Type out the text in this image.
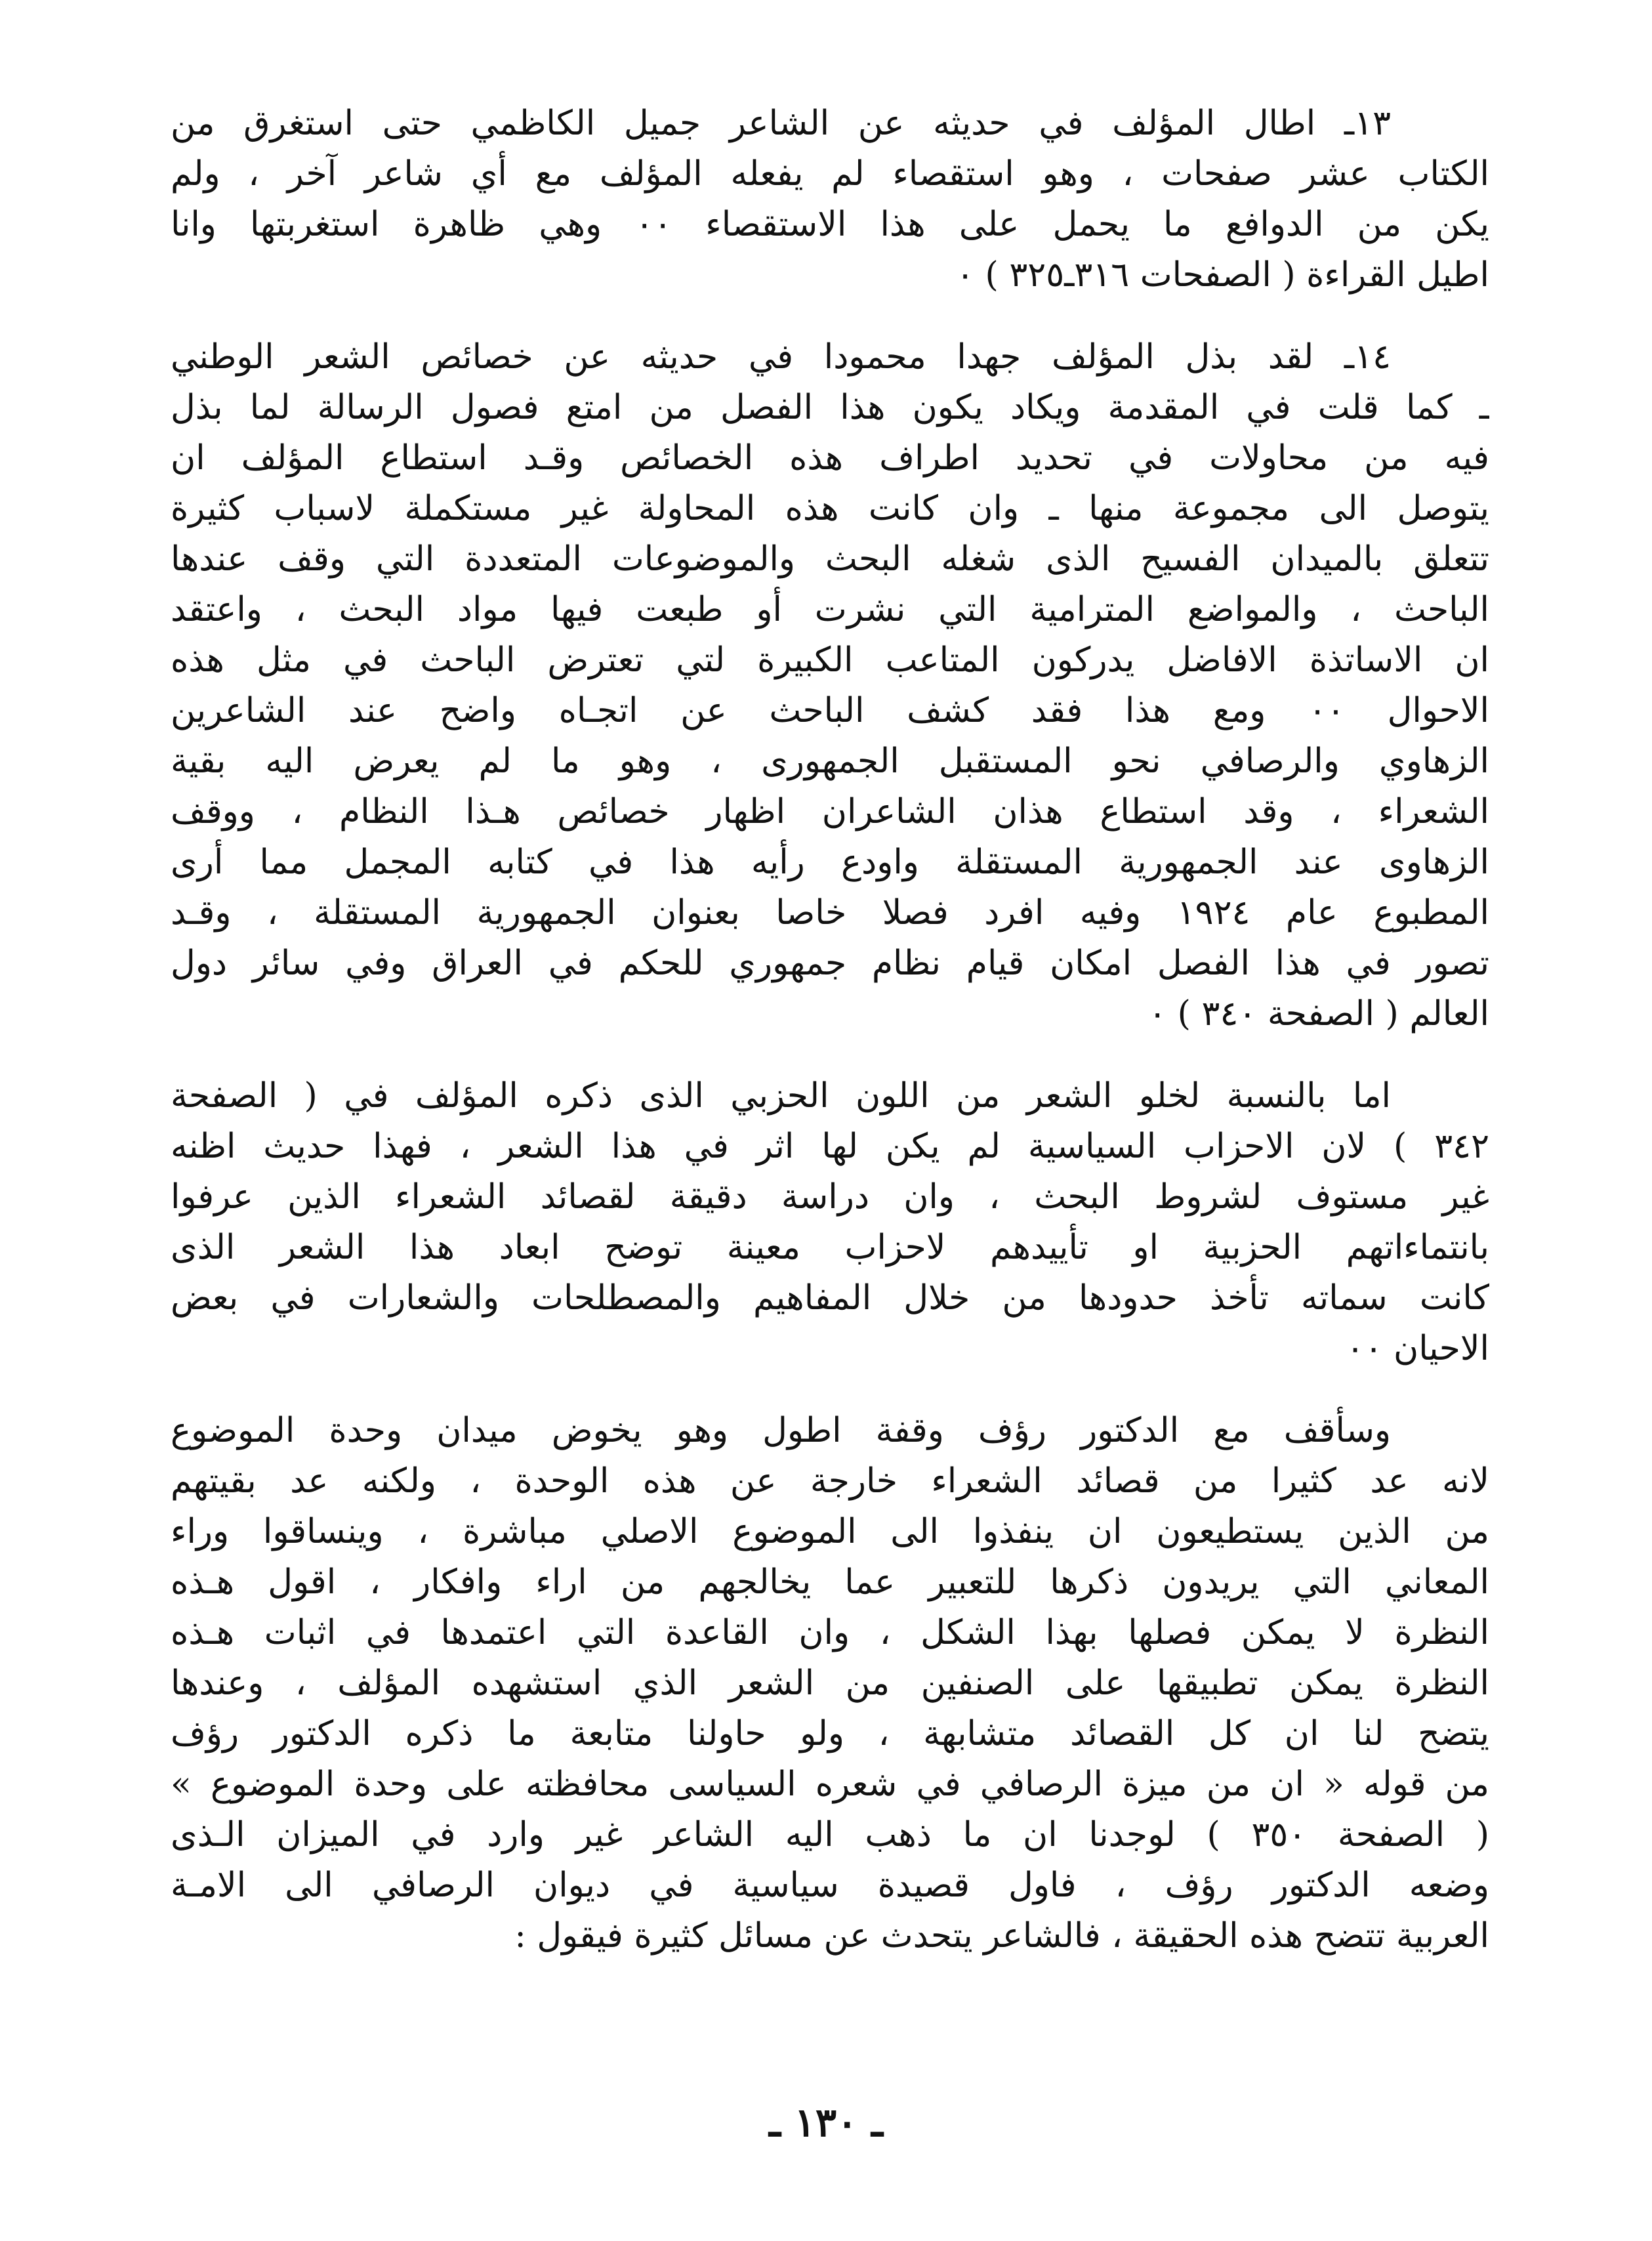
١٣ـ اطال المؤلف في حديثه عن الشاعر جميل الكاظمي حتى استغرق من
الكتاب عشر صفحات ، وهو استقصاء لم يفعله المؤلف مع أي شاعر آخر ، ولم
يكن من الدوافع ما يحمل على هذا الاستقصاء ٠٠ وهي ظاهرة استغربتها وانا
اطيل القراءة ( الصفحات ٣١٦ـ٣٢٥ ) ٠
١٤ـ لقد بذل المؤلف جهدا محمودا في حديثه عن خصائص الشعر الوطني
ـ كما قلت في المقدمة ويكاد يكون هذا الفصل من امتع فصول الرسالة لما بذل
فيه من محاولات في تحديد اطراف هذه الخصائص وقـد استطاع المؤلف ان
يتوصل الى مجموعة منها ـ وان كانت هذه المحاولة غير مستكملة لاسباب كثيرة
تتعلق بالميدان الفسيح الذى شغله البحث والموضوعات المتعددة التي وقف عندها
الباحث ، والمواضع المترامية التي نشرت أو طبعت فيها مواد البحث ، واعتقد
ان الاساتذة الافاضل يدركون المتاعب الكبيرة لتي تعترض الباحث في مثل هذه
الاحوال ٠٠ ومع هذا فقد كشف الباحث عن اتجـاه واضح عند الشاعرين
الزهاوي والرصافي نحو المستقبل الجمهورى ، وهو ما لم يعرض اليه بقية
الشعراء ، وقد استطاع هذان الشاعران اظهار خصائص هـذا النظام ، ووقف
الزهاوى عند الجمهورية المستقلة واودع رأيه هذا في كتابه المجمل مما أرى
المطبوع عام ١٩٢٤ وفيه افرد فصلا خاصا بعنوان الجمهورية المستقلة ، وقـد
تصور في هذا الفصل امكان قيام نظام جمهوري للحكم في العراق وفي سائر دول
العالم ( الصفحة ٣٤٠ ) ٠
اما بالنسبة لخلو الشعر من اللون الحزبي الذى ذكره المؤلف في ( الصفحة
٣٤٢ ) لان الاحزاب السياسية لم يكن لها اثر في هذا الشعر ، فهذا حديث اظنه
غير مستوف لشروط البحث ، وان دراسة دقيقة لقصائد الشعراء الذين عرفوا
بانتماءاتهم الحزبية او تأييدهم لاحزاب معينة توضح ابعاد هذا الشعر الذى
كانت سماته تأخذ حدودها من خلال المفاهيم والمصطلحات والشعارات في بعض
الاحيان ٠٠
وسأقف مع الدكتور رؤف وقفة اطول وهو يخوض ميدان وحدة الموضوع
لانه عد كثيرا من قصائد الشعراء خارجة عن هذه الوحدة ، ولكنه عد بقيتهم
من الذين يستطيعون ان ينفذوا الى الموضوع الاصلي مباشرة ، وينساقوا وراء
المعاني التي يريدون ذكرها للتعبير عما يخالجهم من اراء وافكار ، اقول هـذه
النظرة لا يمكن فصلها بهذا الشكل ، وان القاعدة التي اعتمدها في اثبات هـذه
النظرة يمكن تطبيقها على الصنفين من الشعر الذي استشهده المؤلف ، وعندها
يتضح لنا ان كل القصائد متشابهة ، ولو حاولنا متابعة ما ذكره الدكتور رؤف
من قوله « ان من ميزة الرصافي في شعره السياسى محافظته على وحدة الموضوع »
( الصفحة ٣٥٠ ) لوجدنا ان ما ذهب اليه الشاعر غير وارد في الميزان الـذى
وضعه الدكتور رؤف ، فاول قصيدة سياسية في ديوان الرصافي الى الامـة
العربية تتضح هذه الحقيقة ، فالشاعر يتحدث عن مسائل كثيرة فيقول :
ـ ١٣٠ ـ
